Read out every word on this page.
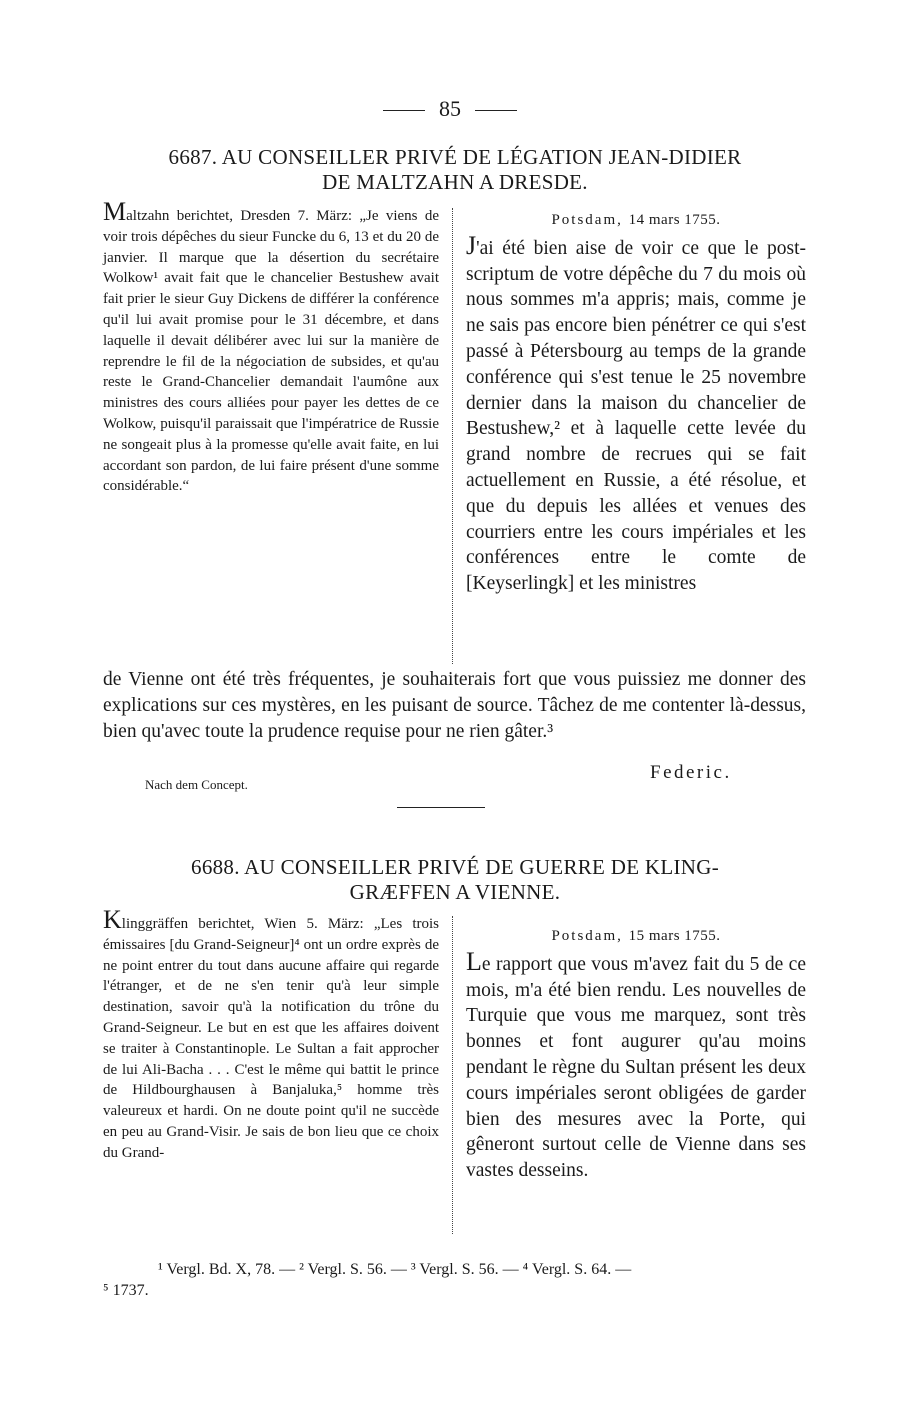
85
6687. AU CONSEILLER PRIVÉ DE LÉGATION JEAN-DIDIER
DE MALTZAHN A DRESDE.

Maltzahn berichtet, Dresden 7. März: „Je viens de voir trois dépêches du sieur Funcke du 6, 13 et du 20 de janvier. Il marque que la désertion du secrétaire Wolkow¹ avait fait que le chancelier Bestushew avait fait prier le sieur Guy Dickens de différer la conférence qu'il lui avait promise pour le 31 décembre, et dans laquelle il devait délibérer avec lui sur la manière de reprendre le fil de la négociation de subsides, et qu'au reste le Grand-Chancelier demandait l'aumône aux ministres des cours alliées pour payer les dettes de ce Wolkow, puisqu'il paraissait que l'impératrice de Russie ne songeait plus à la promesse qu'elle avait faite, en lui accordant son pardon, de lui faire présent d'une somme considérable.“

Potsdam, 14 mars 1755.

J'ai été bien aise de voir ce que le post-scriptum de votre dépêche du 7 du mois où nous sommes m'a appris; mais, comme je ne sais pas encore bien pénétrer ce qui s'est passé à Pétersbourg au temps de la grande conférence qui s'est tenue le 25 novembre dernier dans la maison du chancelier de Bestushew,² et à laquelle cette levée du grand nombre de recrues qui se fait actuellement en Russie, a été résolue, et que du depuis les allées et venues des courriers entre les cours impériales et les conférences entre le comte de [Keyserlingk] et les ministres

de Vienne ont été très fréquentes, je souhaiterais fort que vous puissiez me donner des explications sur ces mystères, en les puisant de source. Tâchez de me contenter là-dessus, bien qu'avec toute la prudence requise pour ne rien gâter.³
Federic.
Nach dem Concept.
6688. AU CONSEILLER PRIVÉ DE GUERRE DE KLING-
GRÆFFEN A VIENNE.

Klinggräffen berichtet, Wien 5. März: „Les trois émissaires [du Grand-Seigneur]⁴ ont un ordre exprès de ne point entrer du tout dans aucune affaire qui regarde l'étranger, et de ne s'en tenir qu'à leur simple destination, savoir qu'à la notification du trône du Grand-Seigneur. Le but en est que les affaires doivent se traiter à Constantinople. Le Sultan a fait approcher de lui Ali-Bacha . . . C'est le même qui battit le prince de Hildbourghausen à Banjaluka,⁵ homme très valeureux et hardi. On ne doute point qu'il ne succède en peu au Grand-Visir. Je sais de bon lieu que ce choix du Grand-

Potsdam, 15 mars 1755.

Le rapport que vous m'avez fait du 5 de ce mois, m'a été bien rendu. Les nouvelles de Turquie que vous me marquez, sont très bonnes et font augurer qu'au moins pendant le règne du Sultan présent les deux cours impériales seront obligées de garder bien des mesures avec la Porte, qui gêneront surtout celle de Vienne dans ses vastes desseins.

¹ Vergl. Bd. X, 78. — ² Vergl. S. 56. — ³ Vergl. S. 56. — ⁴ Vergl. S. 64. —
⁵ 1737.
